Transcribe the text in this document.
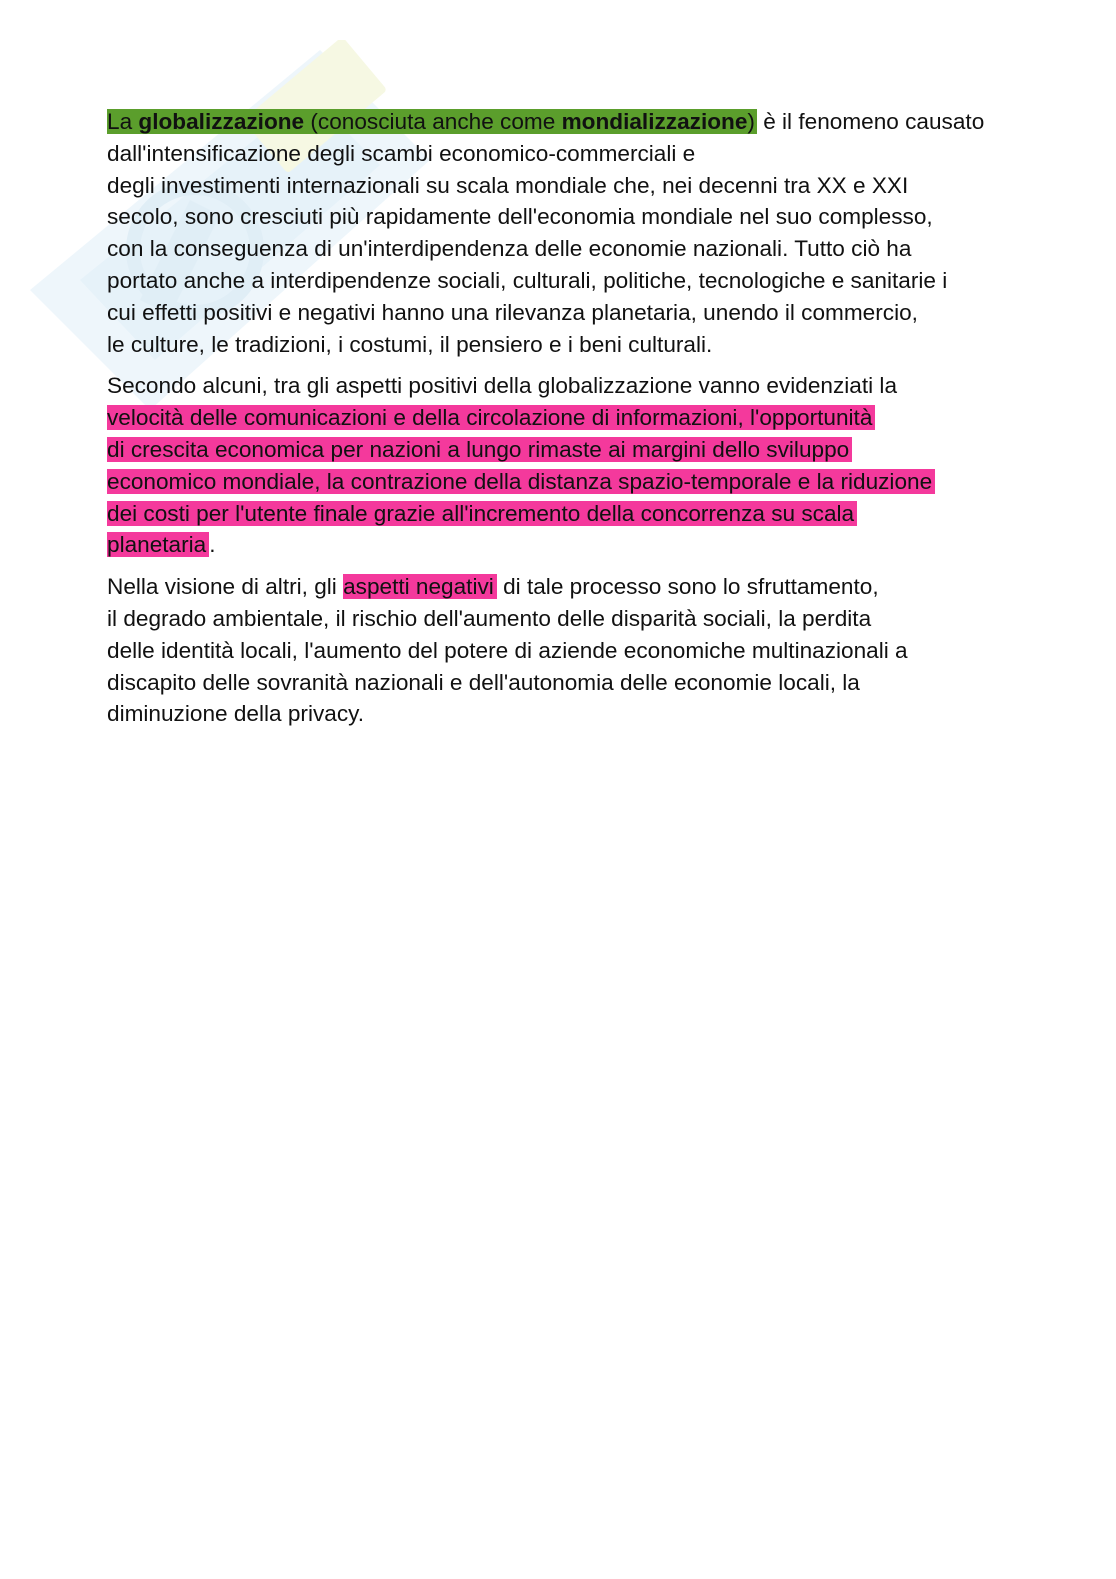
La globalizzazione (conosciuta anche come mondializzazione) è il fenomeno causato
dall'intensificazione degli scambi economico-commerciali e
degli investimenti internazionali su scala mondiale che, nei decenni tra XX e XXI
secolo, sono cresciuti più rapidamente dell'economia mondiale nel suo complesso,
con la conseguenza di un'interdipendenza delle economie nazionali. Tutto ciò ha
portato anche a interdipendenze sociali, culturali, politiche, tecnologiche e sanitarie i
cui effetti positivi e negativi hanno una rilevanza planetaria, unendo il commercio,
le culture, le tradizioni, i costumi, il pensiero e i beni culturali.
Secondo alcuni, tra gli aspetti positivi della globalizzazione vanno evidenziati la
velocità delle comunicazioni e della circolazione di informazioni, l'opportunità
di crescita economica per nazioni a lungo rimaste ai margini dello sviluppo
economico mondiale, la contrazione della distanza spazio-temporale e la riduzione
dei costi per l'utente finale grazie all'incremento della concorrenza su scala
planetaria .
Nella visione di altri, gli aspetti negativi di tale processo sono lo sfruttamento,
il degrado ambientale, il rischio dell'aumento delle disparità sociali, la perdita
delle identità locali, l'aumento del potere di aziende economiche multinazionali a
discapito delle sovranità nazionali e dell'autonomia delle economie locali, la
diminuzione della privacy.
